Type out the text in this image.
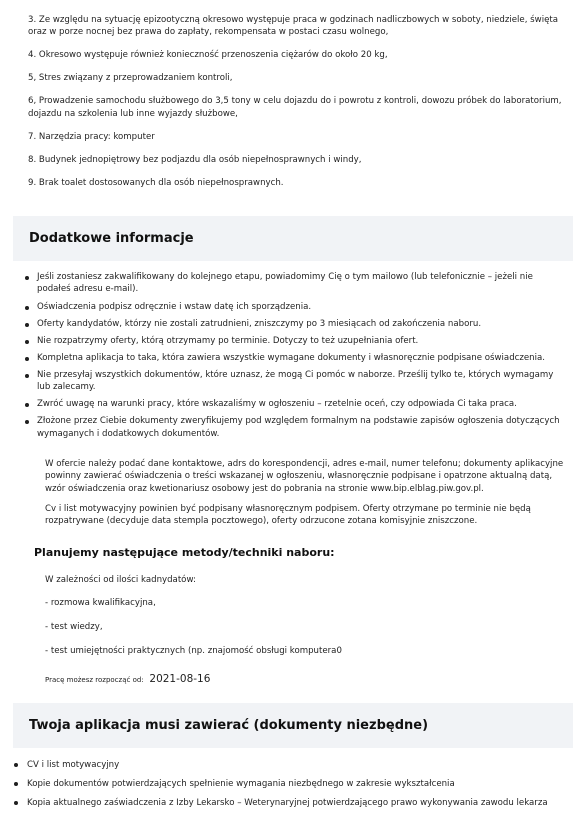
3. Ze względu na sytuację epizootyczną okresowo występuje praca w godzinach nadliczbowych w soboty, niedziele, święta oraz w porze nocnej bez prawa do zapłaty, rekompensata w postaci czasu wolnego,

4. Okresowo występuje również konieczność przenoszenia ciężarów do około 20 kg,

5, Stres związany z przeprowadzaniem kontroli,

6, Prowadzenie samochodu służbowego do 3,5 tony w celu dojazdu do i powrotu z kontroli, dowozu próbek do laboratorium, dojazdu na szkolenia lub inne wyjazdy służbowe,

7. Narzędzia pracy: komputer

8. Budynek jednopiętrowy bez podjazdu dla osób niepełnosprawnych i windy,

9. Brak toalet dostosowanych dla osób niepełnosprawnych.

Dodatkowe informacje
Jeśli zostaniesz zakwalifikowany do kolejnego etapu, powiadomimy Cię o tym mailowo (lub telefonicznie – jeżeli nie podałeś adresu e-mail).
Oświadczenia podpisz odręcznie i wstaw datę ich sporządzenia.
Oferty kandydatów, którzy nie zostali zatrudnieni, zniszczymy po 3 miesiącach od zakończenia naboru.
Nie rozpatrzymy oferty, którą otrzymamy po terminie. Dotyczy to też uzupełniania ofert.
Kompletna aplikacja to taka, która zawiera wszystkie wymagane dokumenty i własnoręcznie podpisane oświadczenia.
Nie przesyłaj wszystkich dokumentów, które uznasz, że mogą Ci pomóc w naborze. Prześlij tylko te, których wymagamy lub zalecamy.
Zwróć uwagę na warunki pracy, które wskazaliśmy w ogłoszeniu – rzetelnie oceń, czy odpowiada Ci taka praca.
Złożone przez Ciebie dokumenty zweryfikujemy pod względem formalnym na podstawie zapisów ogłoszenia dotyczących wymaganych i dodatkowych dokumentów.

W ofercie należy podać dane kontaktowe, adrs do korespondencji, adres e-mail, numer telefonu; dokumenty aplikacyjne powinny zawierać oświadczenia o treści wskazanej w ogłoszeniu, własnoręcznie podpisane i opatrzone aktualną datą, wzór oświadczenia oraz kwetionariusz osobowy jest do pobrania na stronie www.bip.elblag.piw.gov.pl.

Cv i list motywacyjny powinien być podpisany własnoręcznym podpisem. Oferty otrzymane po terminie nie będą rozpatrywane (decyduje data stempla pocztowego), oferty odrzucone zotana komisyjnie zniszczone.

Planujemy następujące metody/techniki naboru:

W zależności od ilości kadnydatów:

- rozmowa kwalifikacyjna,

- test wiedzy,

- test umiejętności praktycznych (np. znajomość obsługi komputera0

Pracę możesz rozpocząć od: 2021-08-16
Twoja aplikacja musi zawierać (dokumenty niezbędne)
CV i list motywacyjny
Kopie dokumentów potwierdzających spełnienie wymagania niezbędnego w zakresie wykształcenia
Kopia aktualnego zaświadczenia z Izby Lekarsko – Weterynaryjnej potwierdzającego prawo wykonywania zawodu lekarza
